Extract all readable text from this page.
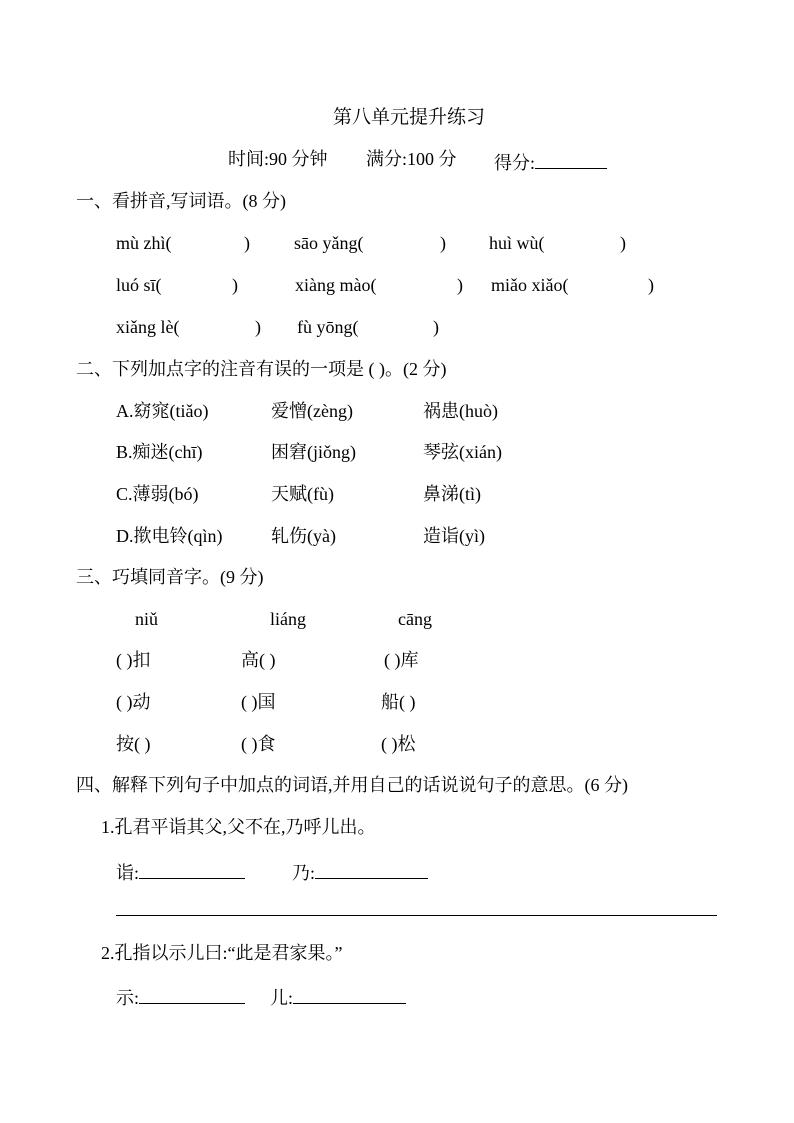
第八单元提升练习
时间:90 分钟 满分:100 分 得分:
一、看拼音,写词语。(8 分)
mù zhì(	) sāo yǎng(	) huì wù(	)
luó sī(	)	xiàng mào(	) miǎo xiǎo(	)
xiǎng lè(	) fù yōng(	)
二、下列加点字的注音有误的一项是 ( )。(2 分)
A.窈窕(tiǎo)	爱憎(zèng)	祸患(huò)
B.痴迷(chī)	困窘(jiǒng)	琴弦(xián)
C.薄弱(bó)	天赋(fù)	鼻涕(tì)
D.揿电铃(qìn)	轧伤(yà)	造诣(yì)
三、巧填同音字。(9 分)
niǔ	liáng	cāng
( )扣	高( )	( )库
( )动	( )国	船( )
按( )	( )食	( )松
四、解释下列句子中加点的词语,并用自己的话说说句子的意思。(6 分)
1.孔君平诣其父,父不在,乃呼儿出。
诣:	乃:
2.孔指以示儿曰:“此是君家果。”
示:	儿:
